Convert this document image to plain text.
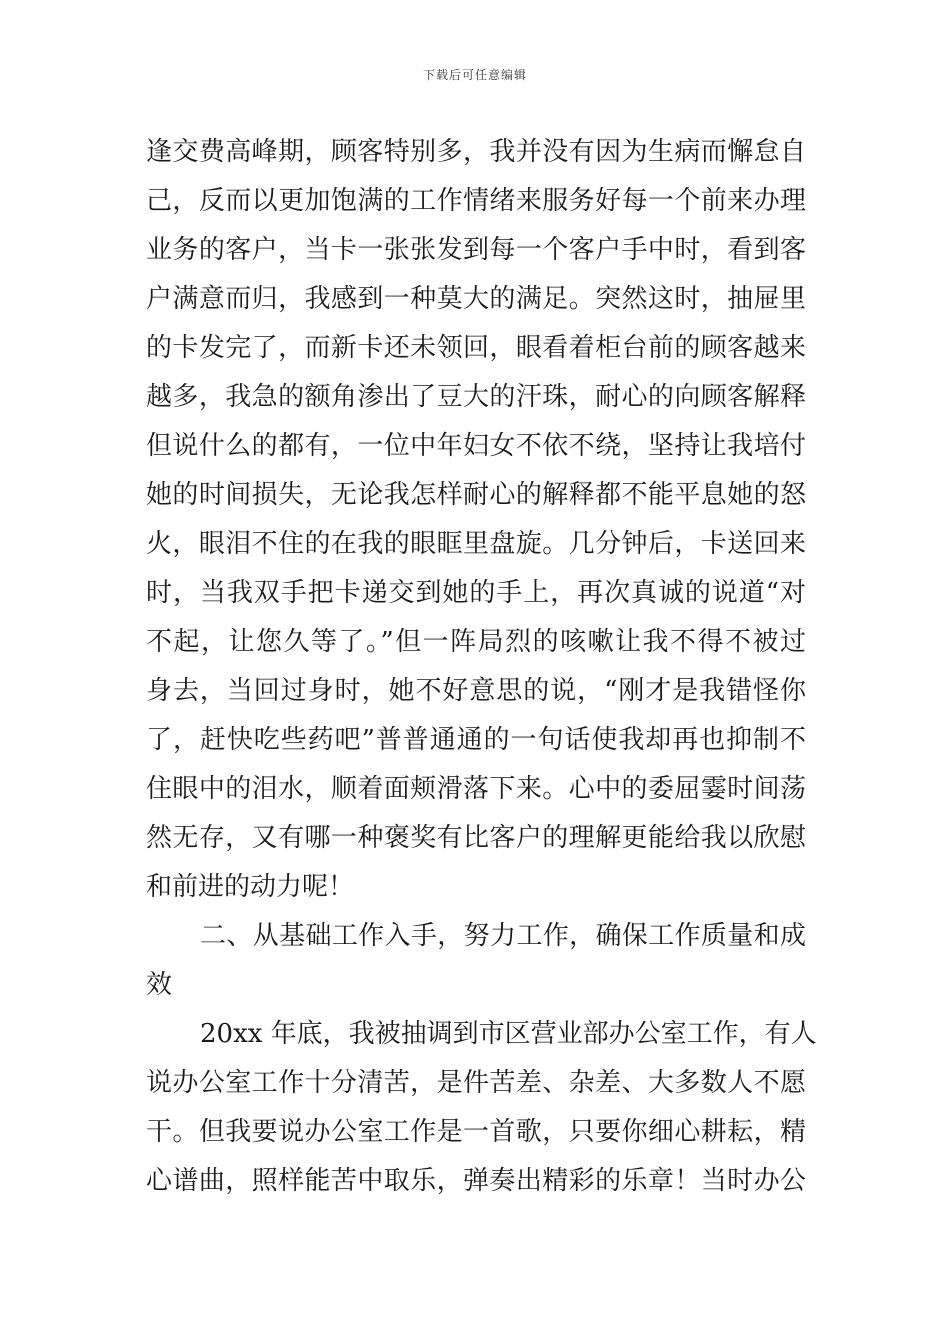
下载后可任意编辑
逢交费高峰期，顾客特别多，我并没有因为生病而懈怠自
己，反而以更加饱满的工作情绪来服务好每一个前来办理
业务的客户，当卡一张张发到每一个客户手中时，看到客
户满意而归，我感到一种莫大的满足。突然这时，抽屉里
的卡发完了，而新卡还未领回，眼看着柜台前的顾客越来
越多，我急的额角渗出了豆大的汗珠，耐心的向顾客解释
但说什么的都有，一位中年妇女不依不绕，坚持让我培付
她的时间损失，无论我怎样耐心的解释都不能平息她的怒
火，眼泪不住的在我的眼眶里盘旋。几分钟后，卡送回来
时，当我双手把卡递交到她的手上，再次真诚的说道“对
不起，让您久等了。”但一阵局烈的咳嗽让我不得不被过
身去，当回过身时，她不好意思的说，“刚才是我错怪你
了，赶快吃些药吧”普普通通的一句话使我却再也抑制不
住眼中的泪水，顺着面颊滑落下来。心中的委屈霎时间荡
然无存，又有哪一种褒奖有比客户的理解更能给我以欣慰
和前进的动力呢！
二、从基础工作入手，努力工作，确保工作质量和成
效
20xx 年底，我被抽调到市区营业部办公室工作，有人
说办公室工作十分清苦，是件苦差、杂差、大多数人不愿
干。但我要说办公室工作是一首歌，只要你细心耕耘，精
心谱曲，照样能苦中取乐，弹奏出精彩的乐章！当时办公
